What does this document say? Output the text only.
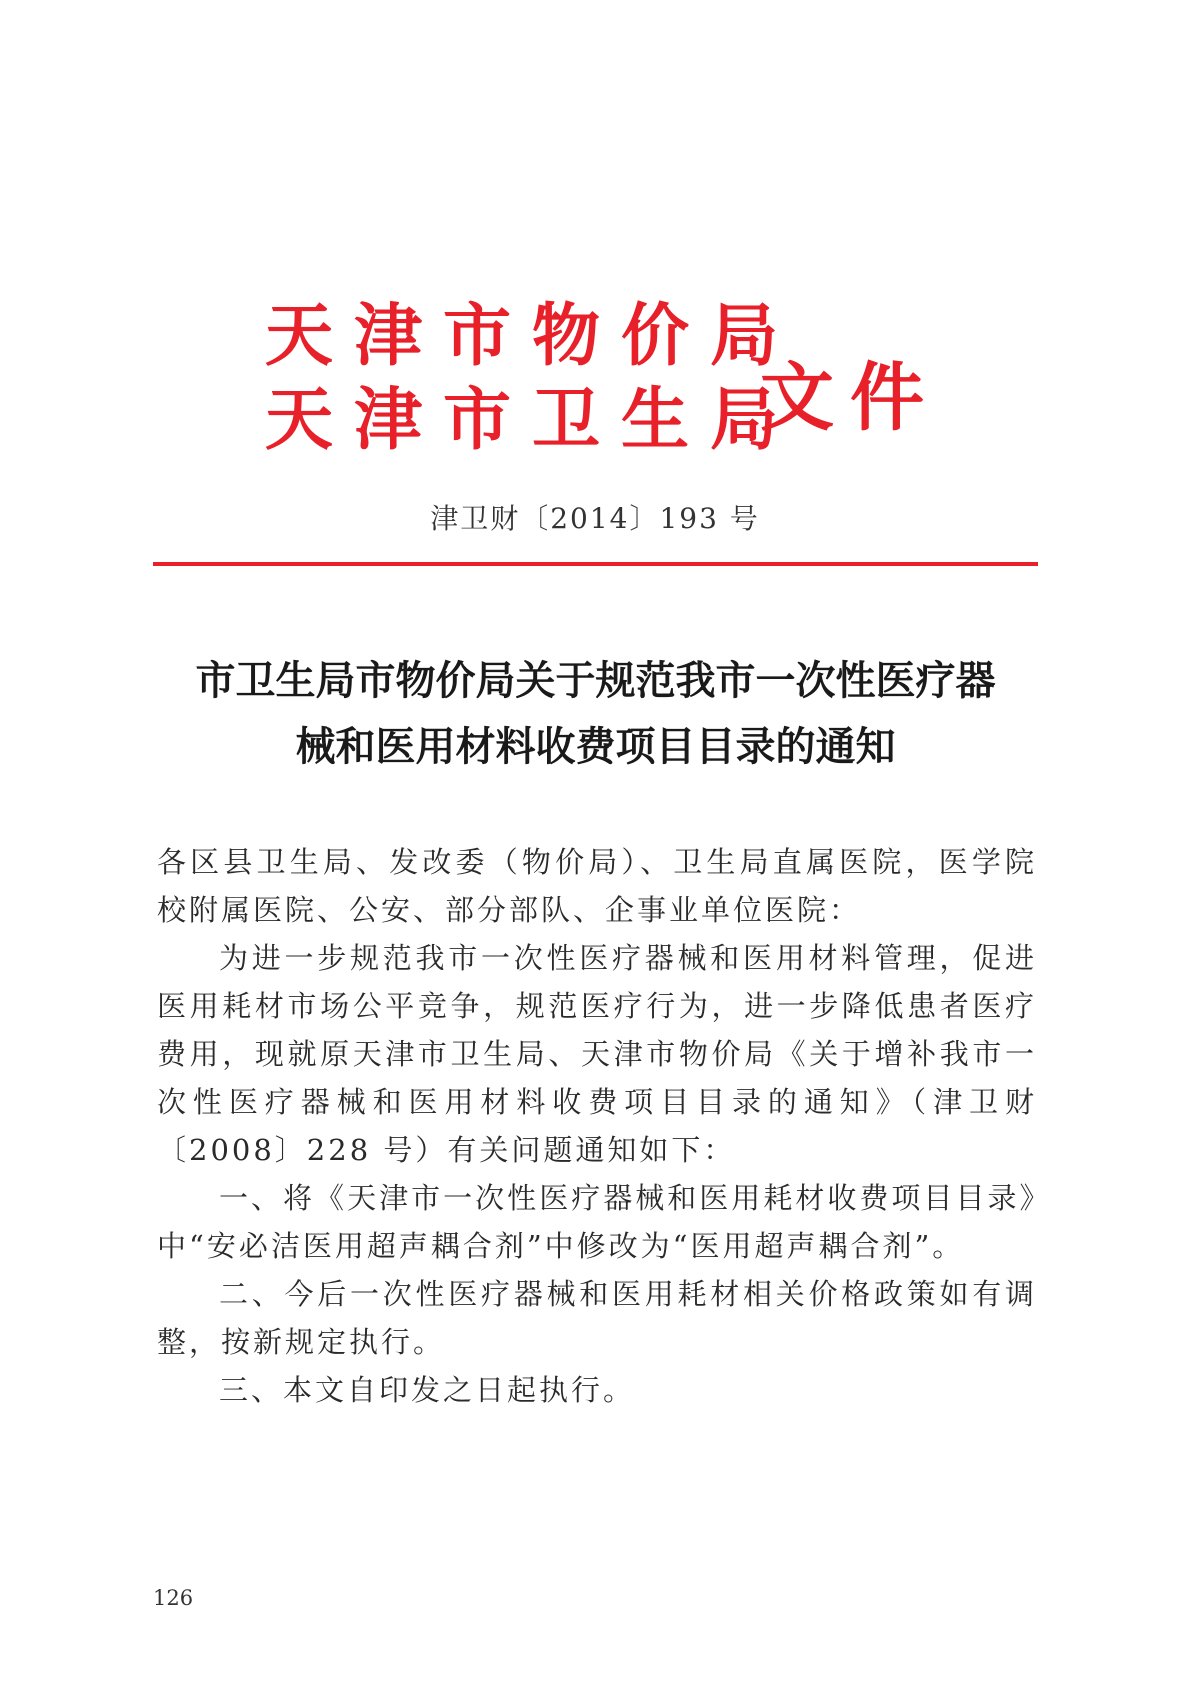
天津市物价局
天津市卫生局
文件
津卫财〔2014〕193 号
市卫生局市物价局关于规范我市一次性医疗器
械和医用材料收费项目目录的通知

各区县卫生局、发改委（物价局）、卫生局直属医院，医学院校附属医院、公安、部分部队、企事业单位医院：

为进一步规范我市一次性医疗器械和医用材料管理，促进医用耗材市场公平竞争，规范医疗行为，进一步降低患者医疗费用，现就原天津市卫生局、天津市物价局《关于增补我市一次性医疗器械和医用材料收费项目目录的通知》（津卫财〔2008〕228 号）有关问题通知如下：

一、将《天津市一次性医疗器械和医用耗材收费项目目录》中“安必洁医用超声耦合剂”中修改为“医用超声耦合剂”。

二、今后一次性医疗器械和医用耗材相关价格政策如有调整，按新规定执行。

三、本文自印发之日起执行。

126
